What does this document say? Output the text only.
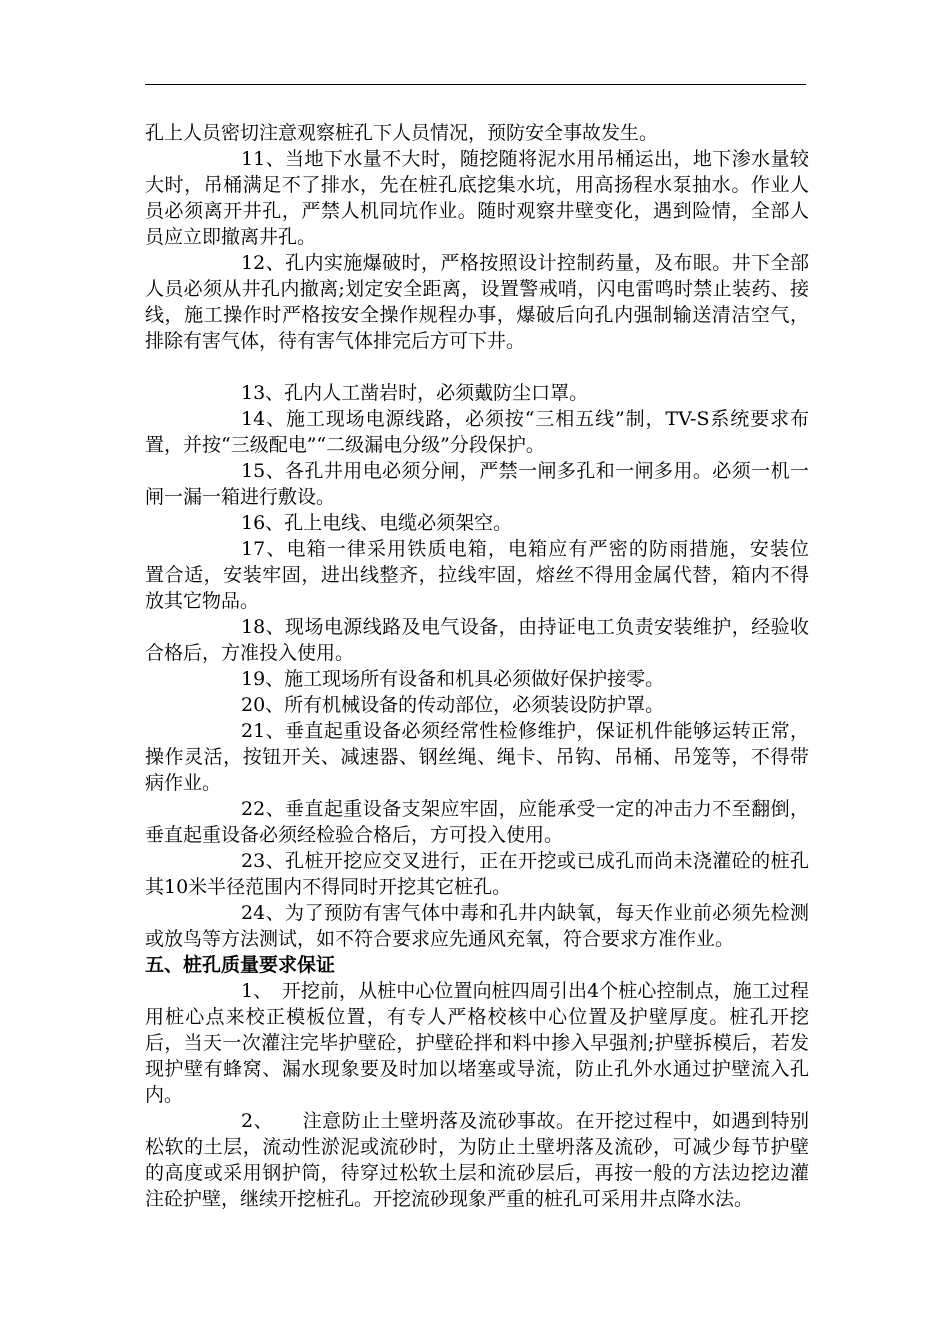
孔上人员密切注意观察桩孔下人员情况，预防安全事故发生。

11、当地下水量不大时，随挖随将泥水用吊桶运出，地下渗水量较大时，吊桶满足不了排水，先在桩孔底挖集水坑，用高扬程水泵抽水。作业人员必须离开井孔，严禁人机同坑作业。随时观察井壁变化，遇到险情，全部人员应立即撤离井孔。

12、孔内实施爆破时，严格按照设计控制药量，及布眼。井下全部人员必须从井孔内撤离;划定安全距离，设置警戒哨，闪电雷鸣时禁止装药、接线，施工操作时严格按安全操作规程办事，爆破后向孔内强制输送清洁空气，排除有害气体，待有害气体排完后方可下井。

13、孔内人工凿岩时，必须戴防尘口罩。

14、施工现场电源线路，必须按“三相五线”制，TV-S系统要求布置，并按“三级配电”“二级漏电分级”分段保护。

15、各孔井用电必须分闸，严禁一闸多孔和一闸多用。必须一机一闸一漏一箱进行敷设。

16、孔上电线、电缆必须架空。

17、电箱一律采用铁质电箱，电箱应有严密的防雨措施，安装位　置合适，安装牢固，进出线整齐，拉线牢固，熔丝不得用金属代替，箱内不得放其它物品。

18、现场电源线路及电气设备，由持证电工负责安装维护，经验收合格后，方准投入使用。

19、施工现场所有设备和机具必须做好保护接零。

20、所有机械设备的传动部位，必须装设防护罩。

21、垂直起重设备必须经常性检修维护，保证机件能够运转正常，操作灵活，按钮开关、减速器、钢丝绳、绳卡、吊钩、吊桶、吊笼等，不得带病作业。

22、垂直起重设备支架应牢固，应能承受一定的冲击力不至翻倒，垂直起重设备必须经检验合格后，方可投入使用。

23、孔桩开挖应交叉进行，正在开挖或已成孔而尚未浇灌砼的桩孔其10米半径范围内不得同时开挖其它桩孔。

24、为了预防有害气体中毒和孔井内缺氧，每天作业前必须先检测或放鸟等方法测试，如不符合要求应先通风充氧，符合要求方准作业。

五、桩孔质量要求保证

1、　开挖前，从桩中心位置向桩四周引出4个桩心控制点，施工过程用桩心点来校正模板位置，有专人严格校核中心位置及护壁厚度。桩孔开挖后，当天一次灌注完毕护壁砼，护壁砼拌和料中掺入早强剂;护壁拆模后，若发现护壁有蜂窝、漏水现象要及时加以堵塞或导流，防止孔外水通过护壁流入孔内。

2、　　注意防止土壁坍落及流砂事故。在开挖过程中，如遇到特别松软的土层，流动性淤泥或流砂时，为防止土壁坍落及流砂，可减少每节护壁的高度或采用钢护筒，待穿过松软土层和流砂层后，再按一般的方法边挖边灌注砼护壁，继续开挖桩孔。开挖流砂现象严重的桩孔可采用井点降水法。
